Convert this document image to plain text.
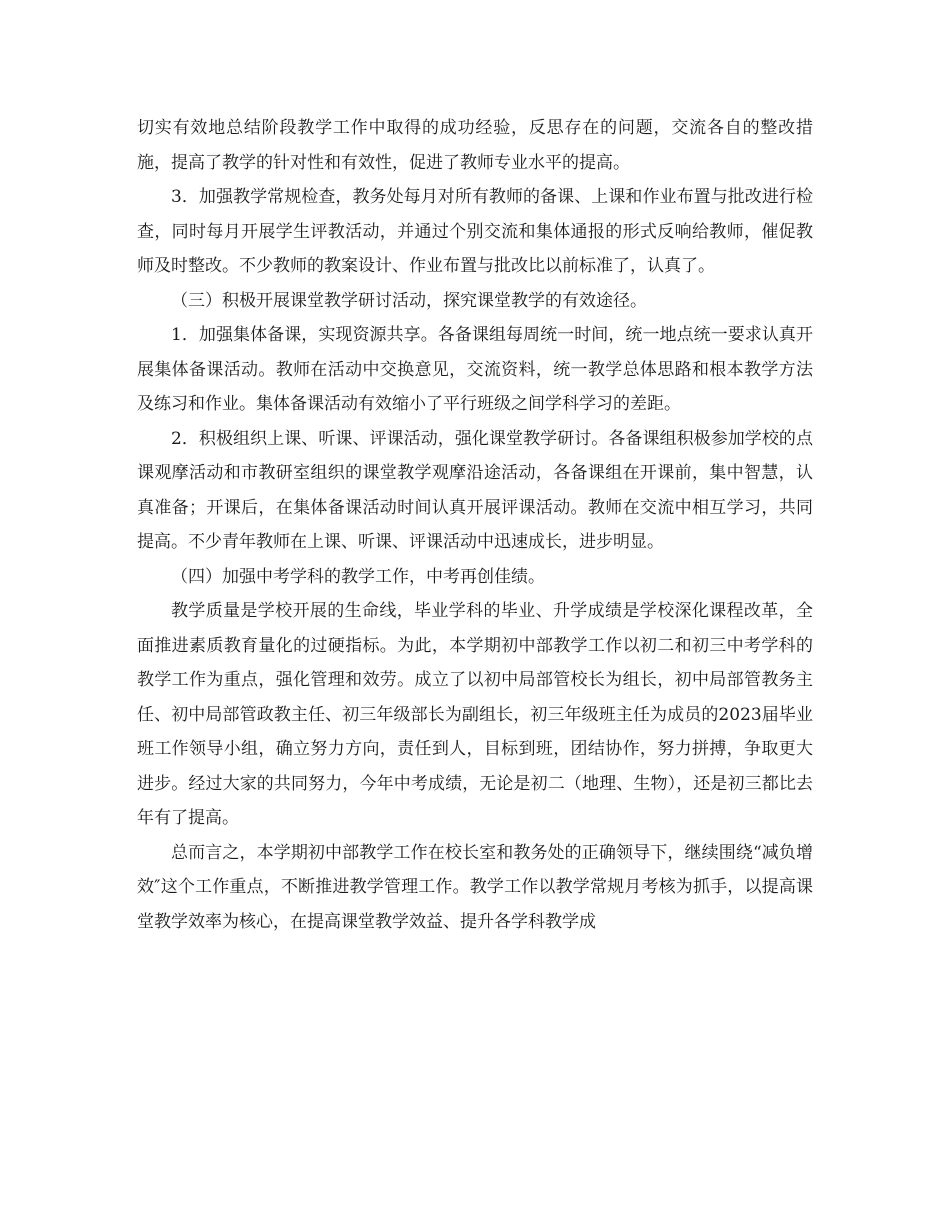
切实有效地总结阶段教学工作中取得的成功经验，反思存在的问题，交流各自的整改措施，提高了教学的针对性和有效性，促进了教师专业水平的提高。

3．加强教学常规检查，教务处每月对所有教师的备课、上课和作业布置与批改进行检查，同时每月开展学生评教活动，并通过个别交流和集体通报的形式反响给教师，催促教师及时整改。不少教师的教案设计、作业布置与批改比以前标准了，认真了。

（三）积极开展课堂教学研讨活动，探究课堂教学的有效途径。

1．加强集体备课，实现资源共享。各备课组每周统一时间，统一地点统一要求认真开展集体备课活动。教师在活动中交换意见，交流资料，统一教学总体思路和根本教学方法及练习和作业。集体备课活动有效缩小了平行班级之间学科学习的差距。

2．积极组织上课、听课、评课活动，强化课堂教学研讨。各备课组积极参加学校的点课观摩活动和市教研室组织的课堂教学观摩沿途活动，各备课组在开课前，集中智慧，认真准备；开课后，在集体备课活动时间认真开展评课活动。教师在交流中相互学习，共同提高。不少青年教师在上课、听课、评课活动中迅速成长，进步明显。

（四）加强中考学科的教学工作，中考再创佳绩。

教学质量是学校开展的生命线，毕业学科的毕业、升学成绩是学校深化课程改革，全面推进素质教育量化的过硬指标。为此，本学期初中部教学工作以初二和初三中考学科的教学工作为重点，强化管理和效劳。成立了以初中局部管校长为组长，初中局部管教务主任、初中局部管政教主任、初三年级部长为副组长，初三年级班主任为成员的2023届毕业班工作领导小组，确立努力方向，责任到人，目标到班，团结协作，努力拼搏，争取更大进步。经过大家的共同努力，今年中考成绩，无论是初二（地理、生物），还是初三都比去年有了提高。

总而言之，本学期初中部教学工作在校长室和教务处的正确领导下，继续围绕“减负增效″这个工作重点，不断推进教学管理工作。教学工作以教学常规月考核为抓手，以提高课堂教学效率为核心，在提高课堂教学效益、提升各学科教学成
